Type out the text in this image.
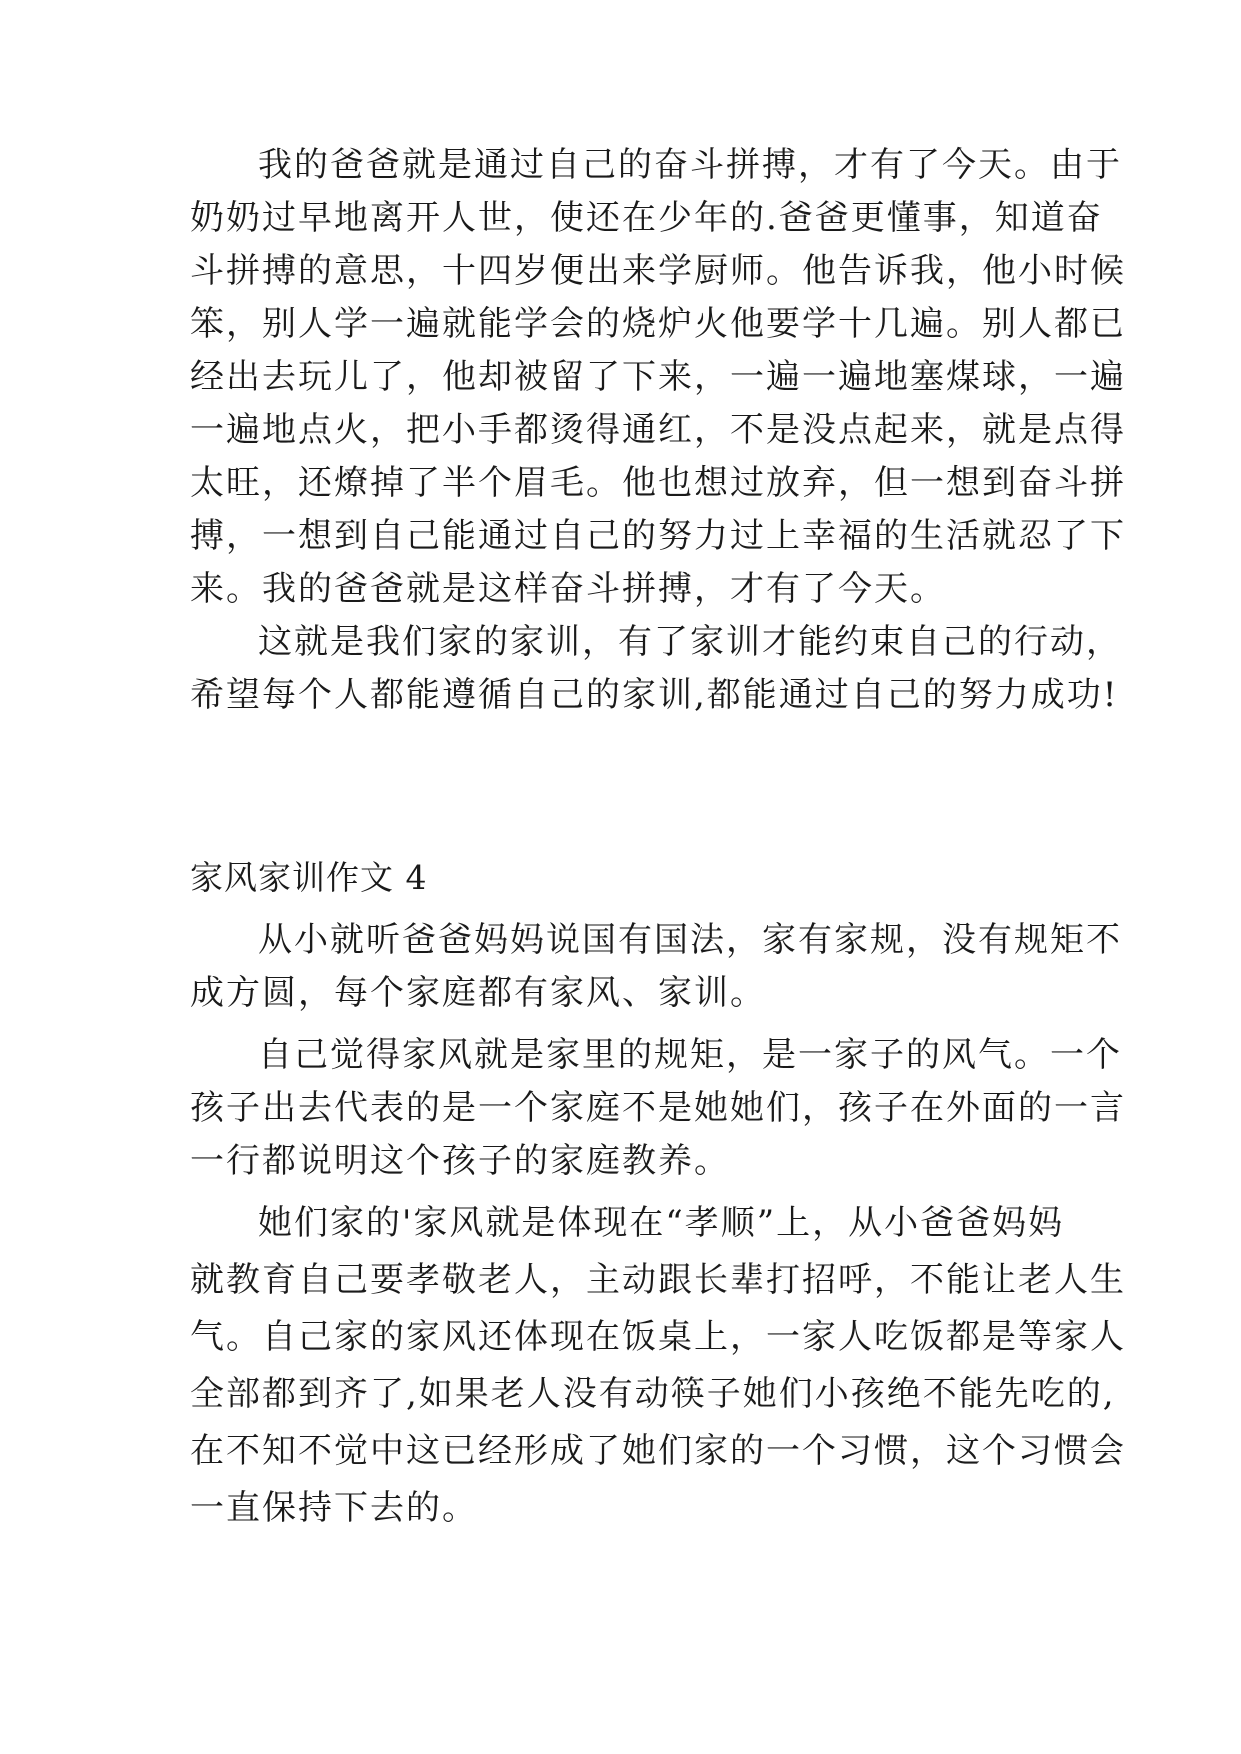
我的爸爸就是通过自己的奋斗拼搏，才有了今天。由于
奶奶过早地离开人世，使还在少年的.爸爸更懂事，知道奋
斗拼搏的意思，十四岁便出来学厨师。他告诉我，他小时候
笨，别人学一遍就能学会的烧炉火他要学十几遍。别人都已
经出去玩儿了，他却被留了下来，一遍一遍地塞煤球，一遍
一遍地点火，把小手都烫得通红，不是没点起来，就是点得
太旺，还燎掉了半个眉毛。他也想过放弃，但一想到奋斗拼
搏，一想到自己能通过自己的努力过上幸福的生活就忍了下
来。我的爸爸就是这样奋斗拼搏，才有了今天。
这就是我们家的家训，有了家训才能约束自己的行动，
希望每个人都能遵循自己的家训,都能通过自己的努力成功!
家风家训作文 4
从小就听爸爸妈妈说国有国法，家有家规，没有规矩不
成方圆，每个家庭都有家风、家训。
自己觉得家风就是家里的规矩，是一家子的风气。一个
孩子出去代表的是一个家庭不是她她们，孩子在外面的一言
一行都说明这个孩子的家庭教养。
她们家的'家风就是体现在“孝顺”上，从小爸爸妈妈
就教育自己要孝敬老人，主动跟长辈打招呼，不能让老人生
气。自己家的家风还体现在饭桌上，一家人吃饭都是等家人
全部都到齐了,如果老人没有动筷子她们小孩绝不能先吃的,
在不知不觉中这已经形成了她们家的一个习惯，这个习惯会
一直保持下去的。
